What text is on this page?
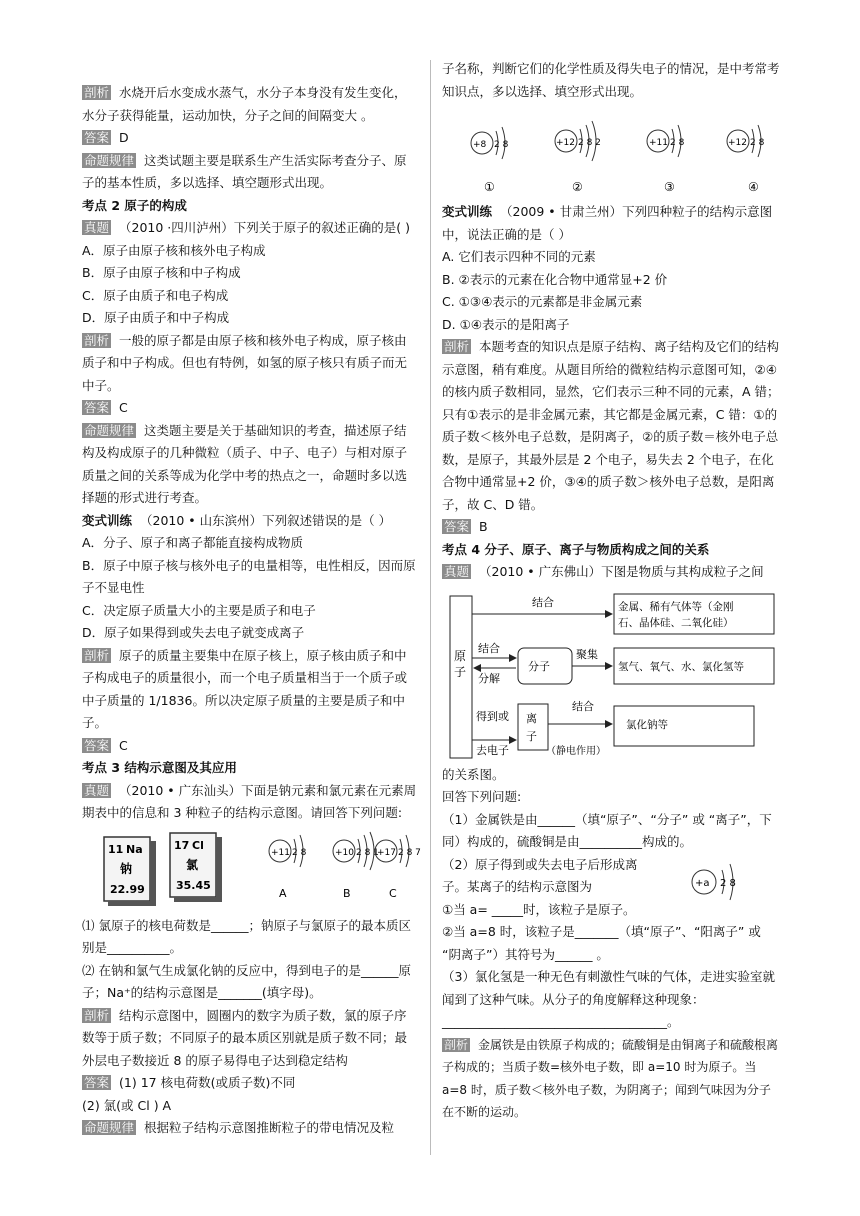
剖析 水烧开后水变成水蒸气，水分子本身没有发生变化，水分子获得能量，运动加快，分子之间的间隔变大 。

答案 D

命题规律 这类试题主要是联系生产生活实际考查分子、原子的基本性质，多以选择、填空题形式出现。

考点 2 原子的构成

真题 （2010 ·四川泸州）下列关于原子的叙述正确的是( )

A．原子由原子核和核外电子构成

B．原子由原子核和中子构成

C．原子由质子和电子构成

D．原子由质子和中子构成

剖析 一般的原子都是由原子核和核外电子构成，原子核由质子和中子构成。但也有特例，如氢的原子核只有质子而无中子。

答案 C

命题规律 这类题主要是关于基础知识的考查，描述原子结构及构成原子的几种微粒（质子、中子、电子）与相对原子质量之间的关系等成为化学中考的热点之一，命题时多以选择题的形式进行考查。

变式训练 （2010 • 山东滨州）下列叙述错误的是（ ）

A．分子、原子和离子都能直接构成物质

B．原子中原子核与核外电子的电量相等，电性相反，因而原子不显电性

C．决定原子质量大小的主要是质子和电子

D．原子如果得到或失去电子就变成离子

剖析 原子的质量主要集中在原子核上，原子核由质子和中子构成电子的质量很小，而一个电子质量相当于一个质子或中子质量的 1/1836。所以决定原子质量的主要是质子和中子。

答案 C

考点 3 结构示意图及其应用

真题 （2010 • 广东汕头）下面是钠元素和氯元素在元素周期表中的信息和 3 种粒子的结构示意图。请回答下列问题:

11 Na
钠
22.99
17 Cl
氯
35.45
+11 2 8
A
+10 2 8 1
B
+17 2 8 7
C

⑴ 氯原子的核电荷数是______；钠原子与氯原子的最本质区别是__________。

⑵ 在钠和氯气生成氯化钠的反应中，得到电子的是______原子；Na⁺的结构示意图是_______(填字母)。

剖析 结构示意图中，圆圈内的数字为质子数，氯的原子序数等于质子数；不同原子的最本质区别就是质子数不同；最外层电子数接近 8 的原子易得电子达到稳定结构

答案 (1) 17 核电荷数(或质子数)不同

(2) 氯(或 Cl ) A

命题规律 根据粒子结构示意图推断粒子的带电情况及粒

子名称，判断它们的化学性质及得失电子的情况，是中考常考知识点，多以选择、填空形式出现。

+8 2 8
①
+12 2 8 2
②
+11 2 8
③
+12 2 8
④

变式训练 （2009 • 甘肃兰州）下列四种粒子的结构示意图中，说法正确的是（ ）

A. 它们表示四种不同的元素

B. ②表示的元素在化合物中通常显+2 价

C. ①③④表示的元素都是非金属元素

D. ①④表示的是阳离子

剖析 本题考查的知识点是原子结构、离子结构及它们的结构示意图，稍有难度。从题目所给的微粒结构示意图可知，②④的核内质子数相同，显然，它们表示三种不同的元素，A 错；只有①表示的是非金属元素，其它都是金属元素，C 错：①的质子数＜核外电子总数，是阴离子，②的质子数＝核外电子总数，是原子，其最外层是 2 个电子，易失去 2 个电子，在化合物中通常显+2 价，③④的质子数＞核外电子总数，是阳离子，故 C、D 错。

答案 B

考点 4 分子、原子、离子与物质构成之间的关系

真题 （2010 • 广东佛山）下图是物质与其构成粒子之间

原
子
结合	金属、稀有气体等（金刚 石、晶体硅、二氧化硅）
结合
分解
分子
聚集
氢气、氧气、水、氯化氢等
得到或 去电子
离
子
结合
（静电作用）
氯化钠等

的关系图。

回答下列问题:

（1）金属铁是由______（填“原子”、“分子” 或 “离子”，下同）构成的，硫酸铜是由__________构成的。

（2）原子得到或失去电子后形成离

子。某离子的结构示意图为	+a 2 8

①当 a= _____时，该粒子是原子。

②当 a=8 时，该粒子是_______（填“原子”、“阳离子” 或 “阴离子”）其符号为______ 。

（3）氯化氢是一种无色有刺激性气味的气体，走进实验室就闻到了这种气味。从分子的角度解释这种现象：____________________________________。

剖析 金属铁是由铁原子构成的；硫酸铜是由铜离子和硫酸根离子构成的；当质子数=核外电子数，即 a=10 时为原子。当 a=8 时，质子数＜核外电子数，为阴离子；闻到气味因为分子在不断的运动。
